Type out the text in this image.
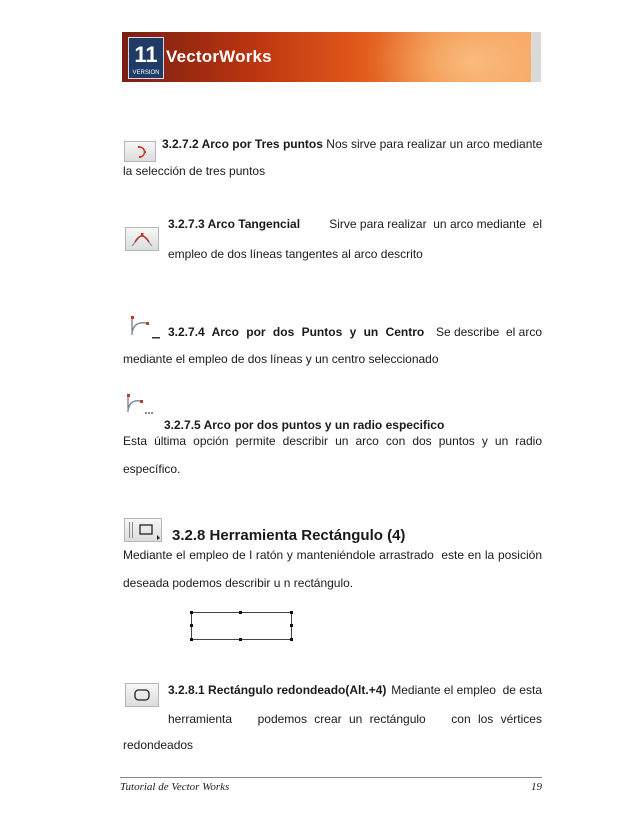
11
VERSION
VectorWorks
3.2.7.2 Arco por Tres puntos Nos sirve para realizar un arco mediante
la selección de tres puntos
3.2.7.3 Arco Tangencial Sirve para realizar  un arco mediante  el
empleo de dos líneas tangentes al arco descrito
3.2.7.4 Arco por dos Puntos y un Centro Se describe  el arco
mediante el empleo de dos líneas y un centro seleccionado
3.2.7.5 Arco por dos puntos y un radio especifico
Esta última opción permite describir un arco con dos puntos y un radio
específico.
3.2.8 Herramienta Rectángulo (4)
Mediante el empleo de l ratón y manteniéndole arrastrado  este en la posición
deseada podemos describir u n rectángulo.
3.2.8.1 Rectángulo redondeado(Alt.+4) Mediante el empleo  de esta
herramienta podemos crear un rectángulo con los vértices
redondeados
Tutorial de Vector Works	19
